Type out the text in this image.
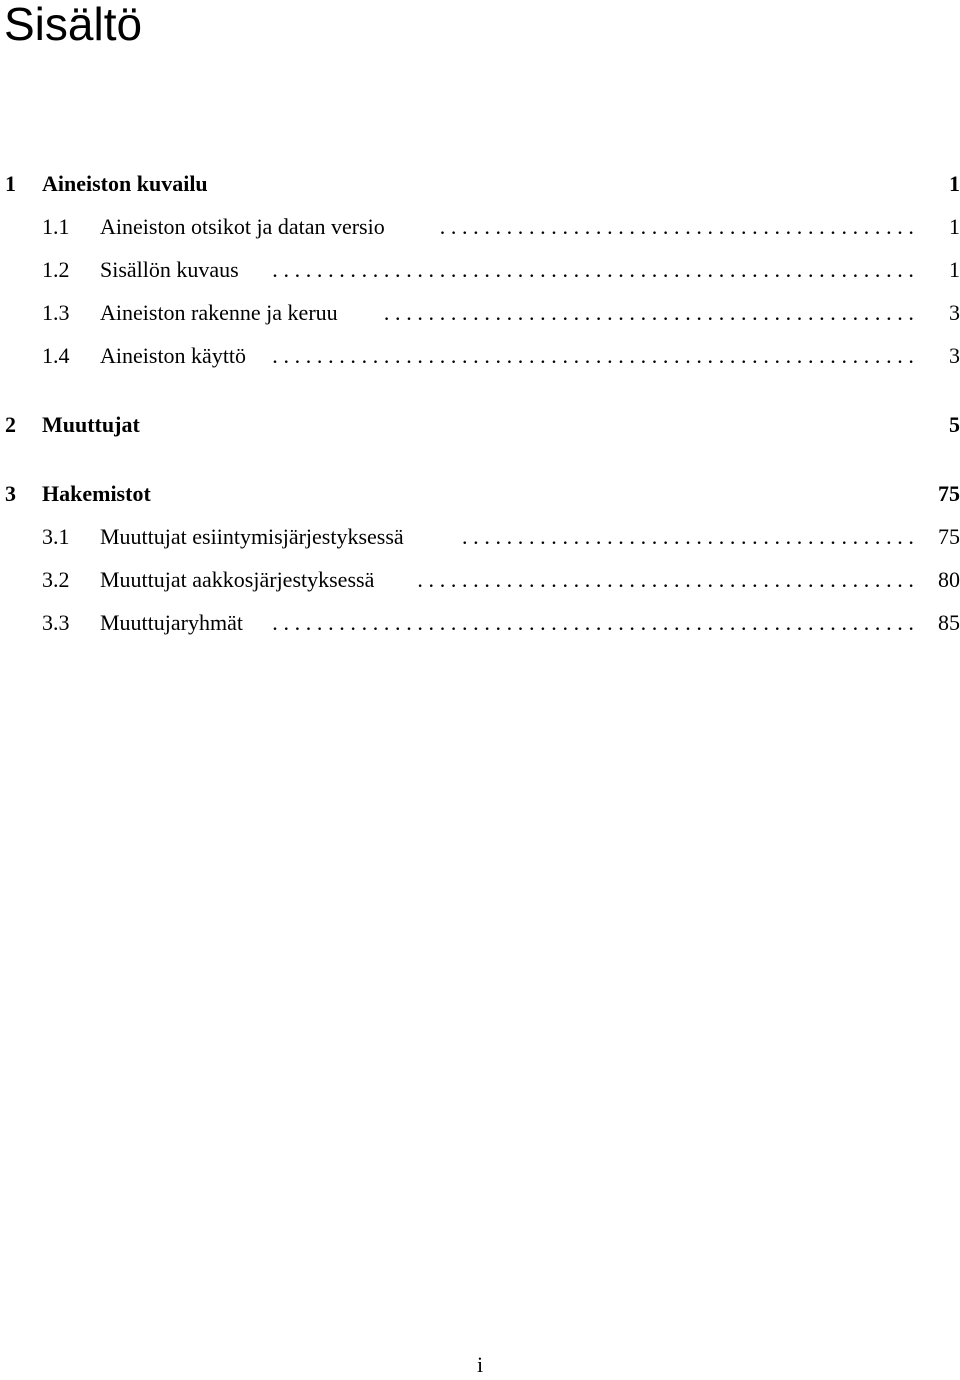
Sisältö
1 Aineiston kuvailu	1
1.1 Aineiston otsikot ja datan versio . . .	1
1.2 Sisällön kuvaus . . .	1
1.3 Aineiston rakenne ja keruu . . .	3
1.4 Aineiston käyttö . . .	3
2 Muuttujat	5
3 Hakemistot	75
3.1 Muuttujat esiintymisjärjestyksessä . . .	75
3.2 Muuttujat aakkosjärjestyksessä . . .	80
3.3 Muuttujaryhmät . . .	85
i
